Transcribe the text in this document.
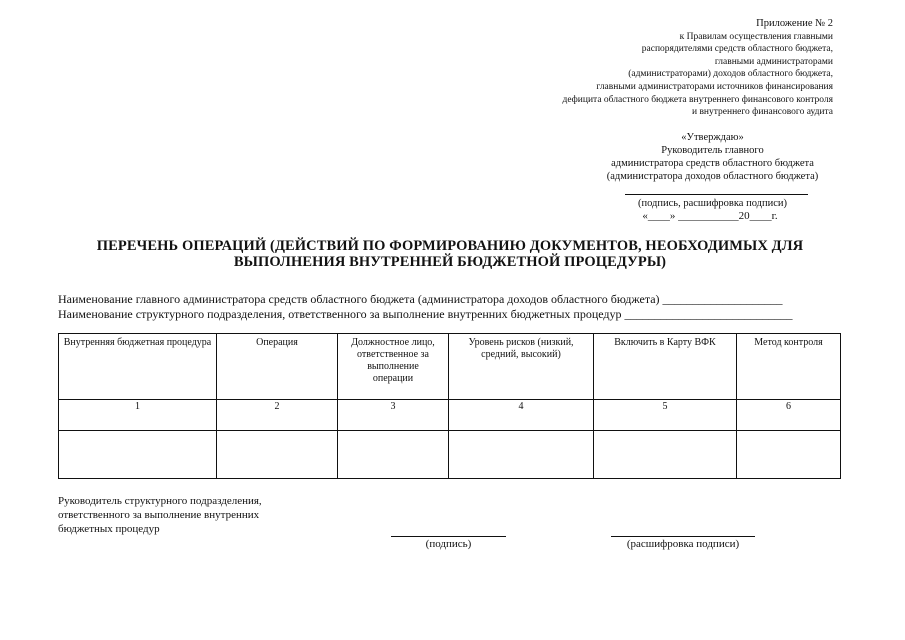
Приложение № 2
к Правилам осуществления главными
распорядителями средств областного бюджета,
главными администраторами
(администраторами) доходов областного бюджета,
главными администраторами источников финансирования
дефицита областного бюджета внутреннего финансового контроля
и внутреннего финансового аудита
«Утверждаю»
Руководитель главного
администратора средств областного бюджета
(администратора доходов областного бюджета)
(подпись, расшифровка подписи)
«____» ___________20____г.
ПЕРЕЧЕНЬ ОПЕРАЦИЙ (ДЕЙСТВИЙ ПО ФОРМИРОВАНИЮ ДОКУМЕНТОВ, НЕОБХОДИМЫХ ДЛЯ
ВЫПОЛНЕНИЯ ВНУТРЕННЕЙ БЮДЖЕТНОЙ ПРОЦЕДУРЫ)
Наименование главного администратора средств областного бюджета (администратора доходов областного бюджета) ____________________
Наименование структурного подразделения, ответственного за выполнение внутренних бюджетных процедур ____________________________
Внутренняя бюджетная процедура	Операция	Должностное лицо, ответственное за выполнение операции	Уровень рисков (низкий, средний, высокий)	Включить в Карту ВФК	Метод контроля
1	2	3	4	5	6

Руководитель структурного подразделения,
ответственного за выполнение внутренних
бюджетных процедур
(подпись)	(расшифровка подписи)
